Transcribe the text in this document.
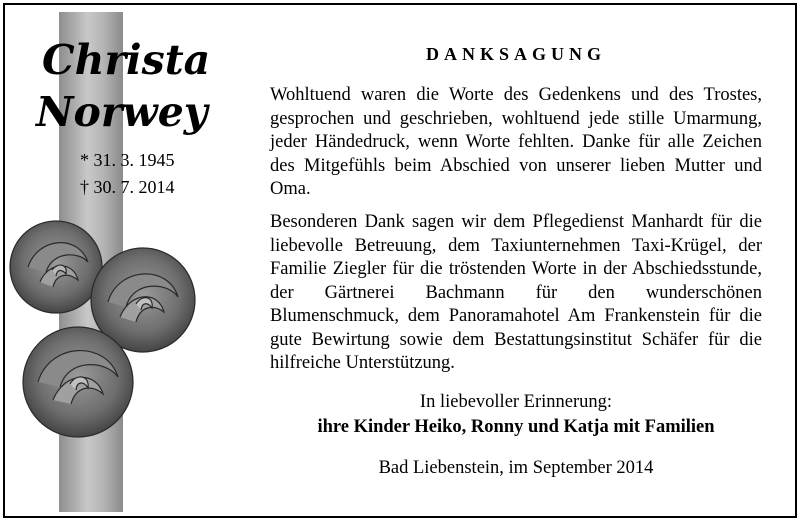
Christa
Norwey
* 31. 3. 1945
† 30. 7. 2014
DANKSAGUNG

Wohltuend waren die Worte des Gedenkens und des Trostes, gesprochen und geschrieben, wohltuend jede stille Umarmung, jeder Händedruck, wenn Worte fehlten. Danke für alle Zeichen des Mitgefühls beim Abschied von unserer lieben Mutter und Oma.

Besonderen Dank sagen wir dem Pflegedienst Manhardt für die liebevolle Betreuung, dem Taxiunternehmen Taxi-Krügel, der Familie Ziegler für die tröstenden Worte in der Abschiedsstunde, der Gärtnerei Bachmann für den wunderschönen Blumenschmuck, dem Panoramahotel Am Frankenstein für die gute Bewirtung sowie dem Bestattungsinstitut Schäfer für die hilfreiche Unterstützung.

In liebevoller Erinnerung:
ihre Kinder Heiko, Ronny und Katja mit Familien
Bad Liebenstein, im September 2014
